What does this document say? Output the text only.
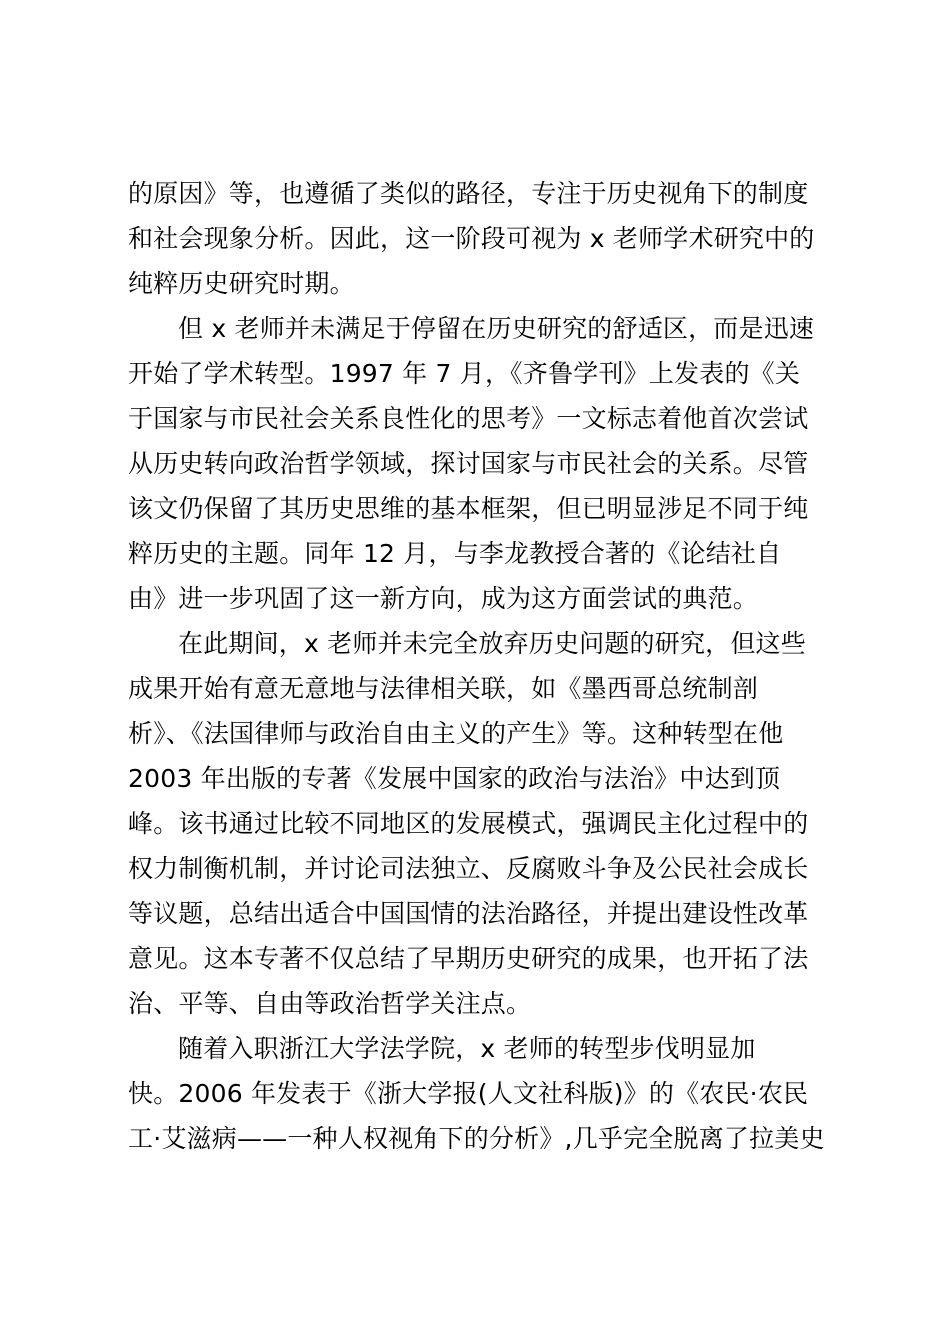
的原因》等，也遵循了类似的路径，专注于历史视角下的制度
和社会现象分析。因此，这一阶段可视为 x 老师学术研究中的
纯粹历史研究时期。
但 x 老师并未满足于停留在历史研究的舒适区，而是迅速
开始了学术转型。1997 年 7 月，《齐鲁学刊》上发表的《关
于国家与市民社会关系良性化的思考》一文标志着他首次尝试
从历史转向政治哲学领域，探讨国家与市民社会的关系。尽管
该文仍保留了其历史思维的基本框架，但已明显涉足不同于纯
粹历史的主题。同年 12 月，与李龙教授合著的《论结社自
由》进一步巩固了这一新方向，成为这方面尝试的典范。
在此期间，x 老师并未完全放弃历史问题的研究，但这些
成果开始有意无意地与法律相关联，如《墨西哥总统制剖
析》、《法国律师与政治自由主义的产生》等。这种转型在他
2003 年出版的专著《发展中国家的政治与法治》中达到顶
峰。该书通过比较不同地区的发展模式，强调民主化过程中的
权力制衡机制，并讨论司法独立、反腐败斗争及公民社会成长
等议题，总结出适合中国国情的法治路径，并提出建设性改革
意见。这本专著不仅总结了早期历史研究的成果，也开拓了法
治、平等、自由等政治哲学关注点。
随着入职浙江大学法学院，x 老师的转型步伐明显加
快。2006 年发表于《浙大学报(人文社科版)》的《农民·农民
工·艾滋病——一种人权视角下的分析》,几乎完全脱离了拉美史
